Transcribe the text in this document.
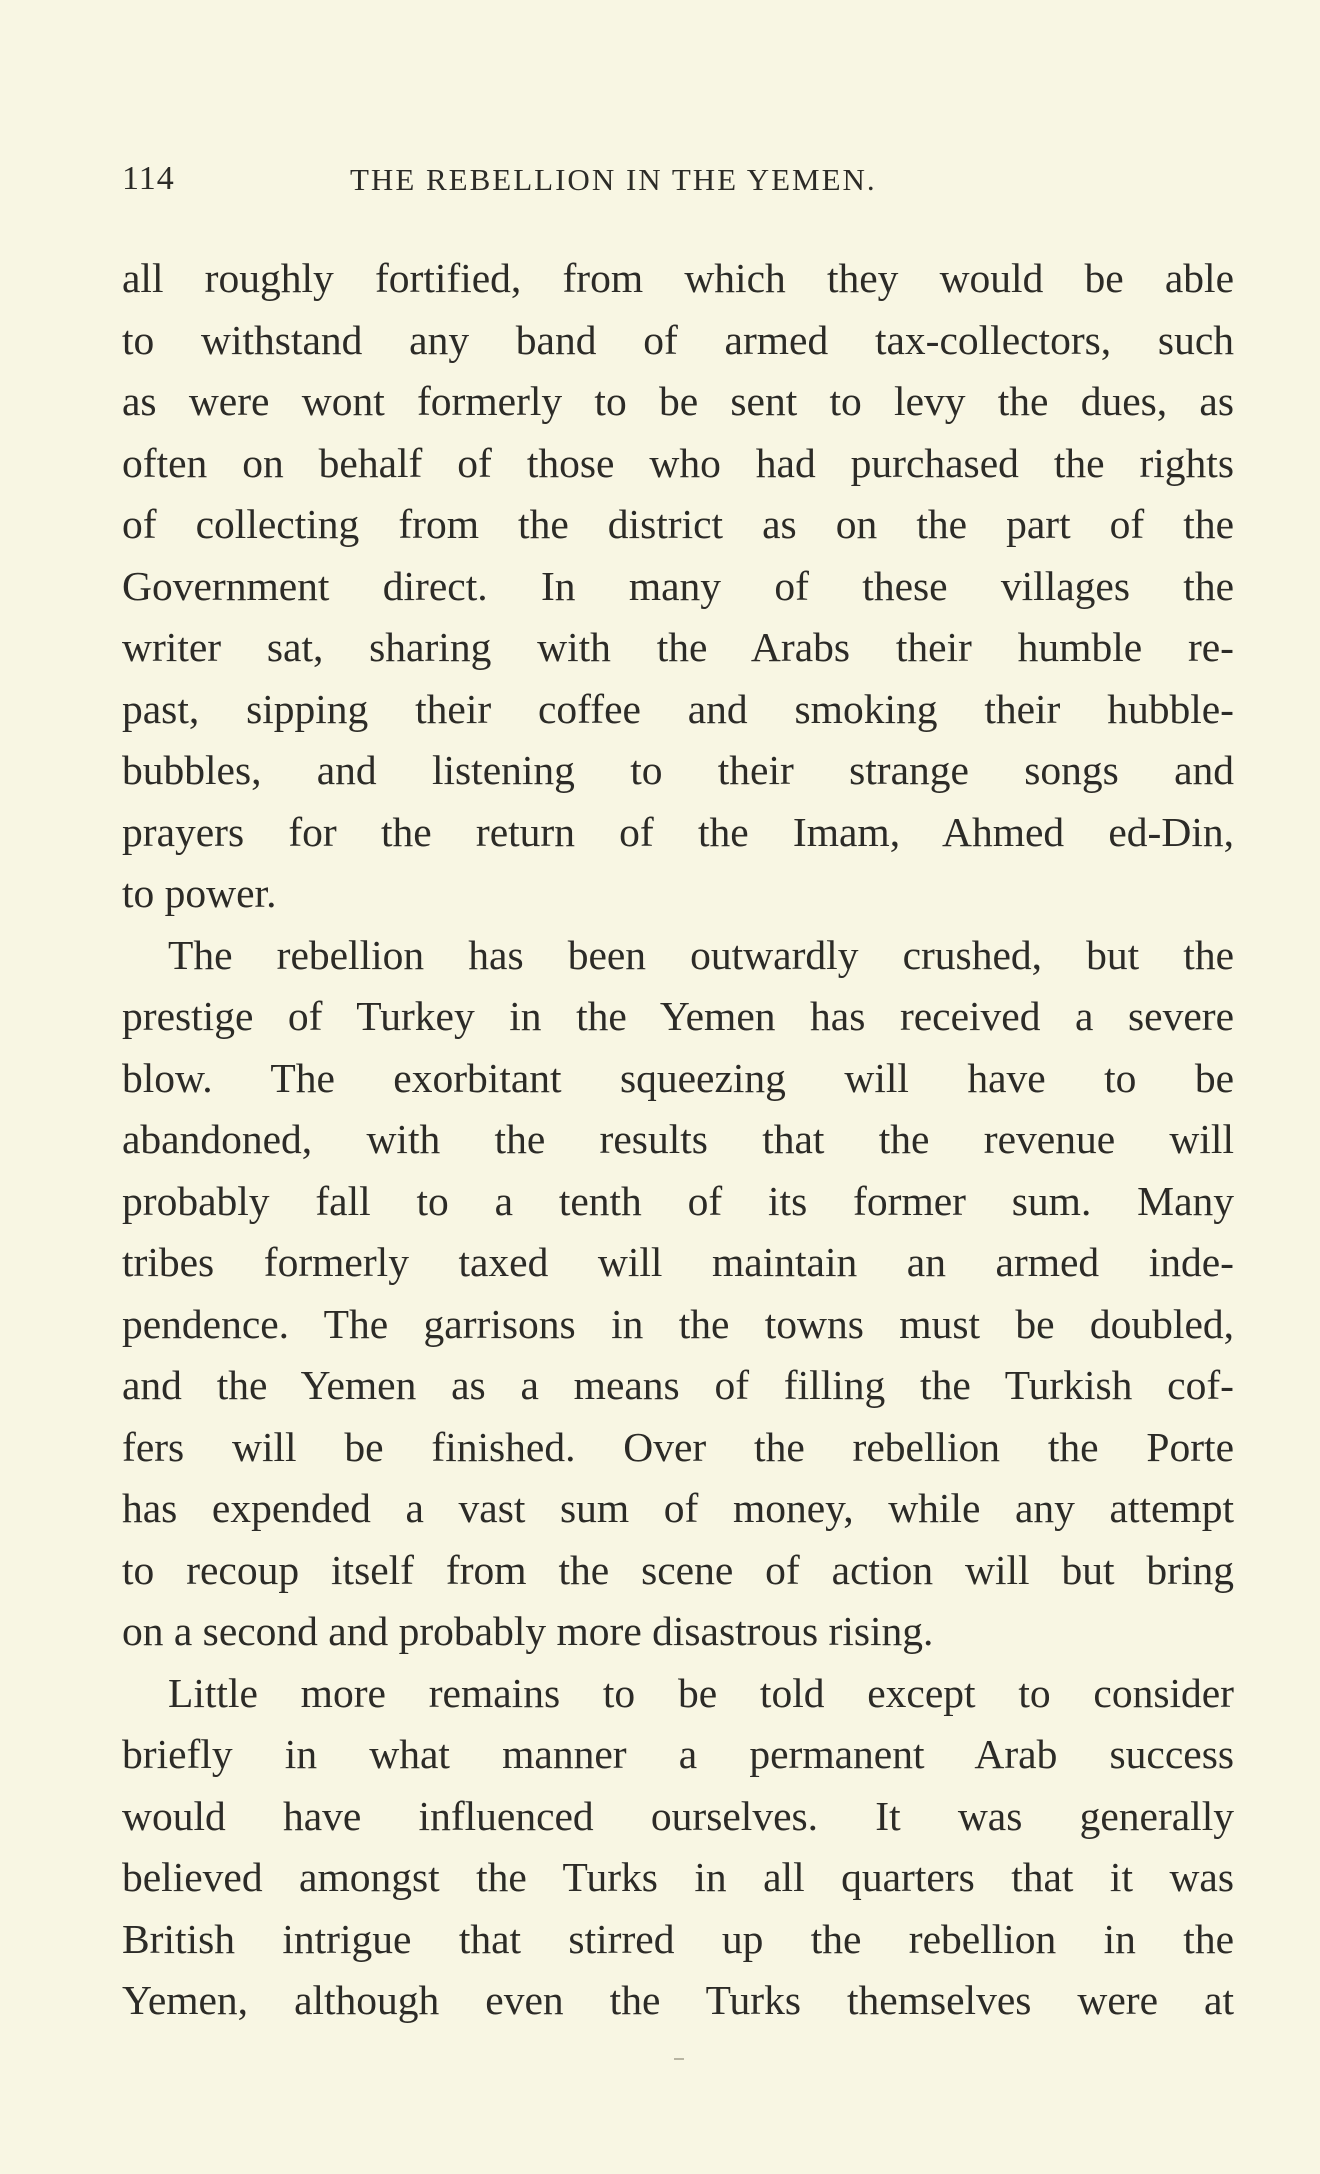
114	THE REBELLION IN THE YEMEN.
all roughly fortified, from which they would be able
to withstand any band of armed tax-collectors, such
as were wont formerly to be sent to levy the dues, as
often on behalf of those who had purchased the rights
of collecting from the district as on the part of the
Government direct. In many of these villages the
writer sat, sharing with the Arabs their humble re-
past, sipping their coffee and smoking their hubble-
bubbles, and listening to their strange songs and
prayers for the return of the Imam, Ahmed ed-Din,
to power.
The rebellion has been outwardly crushed, but the
prestige of Turkey in the Yemen has received a severe
blow. The exorbitant squeezing will have to be
abandoned, with the results that the revenue will
probably fall to a tenth of its former sum. Many
tribes formerly taxed will maintain an armed inde-
pendence. The garrisons in the towns must be doubled,
and the Yemen as a means of filling the Turkish cof-
fers will be finished. Over the rebellion the Porte
has expended a vast sum of money, while any attempt
to recoup itself from the scene of action will but bring
on a second and probably more disastrous rising.
Little more remains to be told except to consider
briefly in what manner a permanent Arab success
would have influenced ourselves. It was generally
believed amongst the Turks in all quarters that it was
British intrigue that stirred up the rebellion in the
Yemen, although even the Turks themselves were at
